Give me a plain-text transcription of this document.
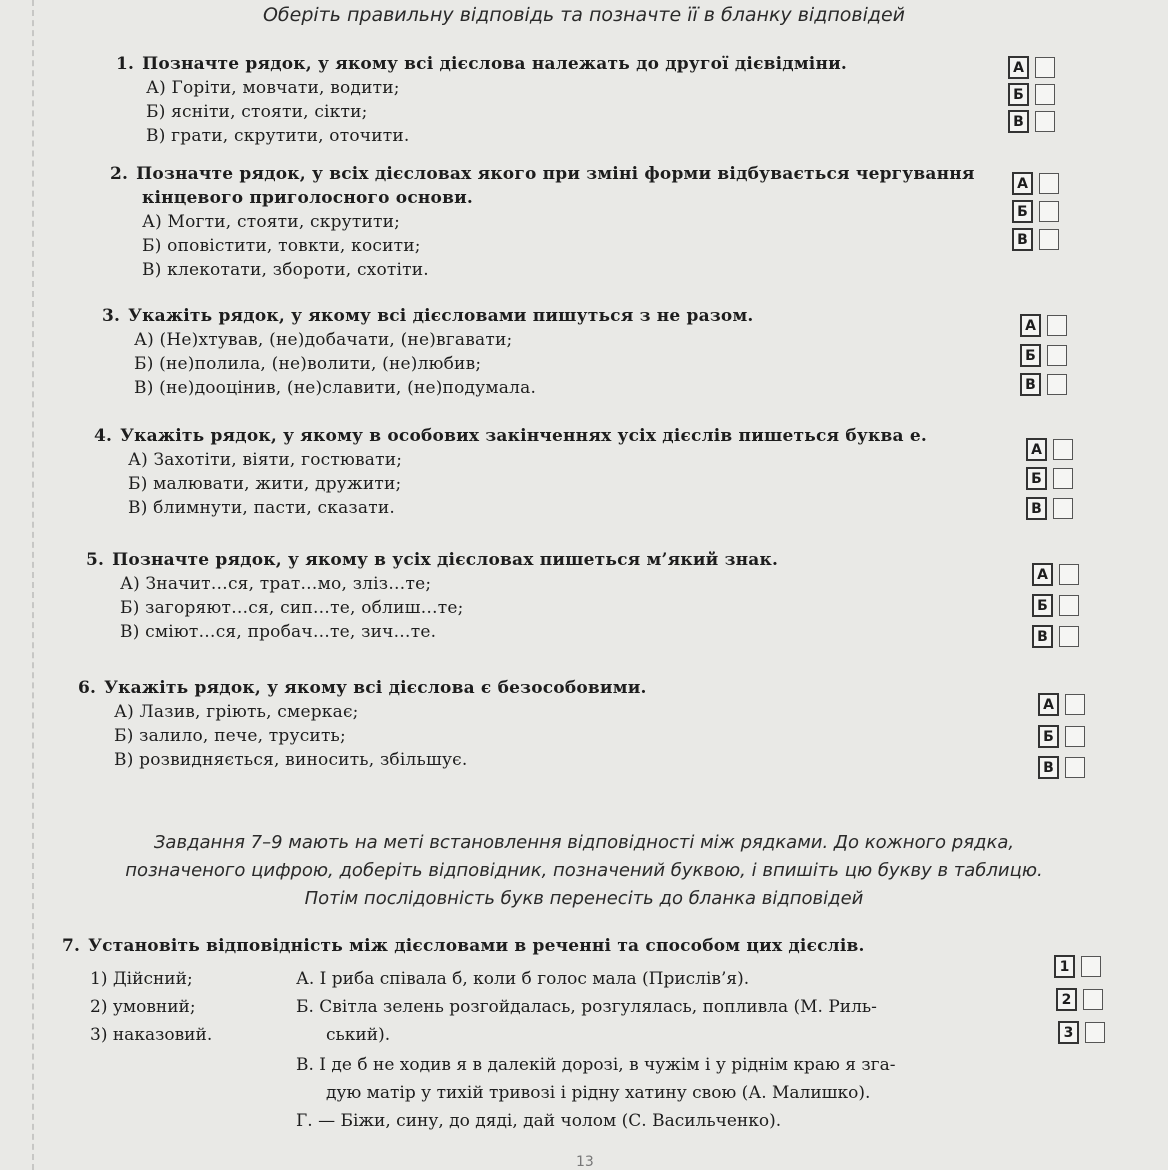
Оберіть правильну відповідь та позначте її в бланку відповідей
1. Позначте рядок, у якому всі дієслова належать до другої дієвідміни.
А) Горіти, мовчати, водити;
Б) ясніти, стояти, сікти;
В) грати, скрутити, оточити.
2. Позначте рядок, у всіх дієсловах якого при зміні форми відбувається чергування
кінцевого приголосного основи.
А) Могти, стояти, скрутити;
Б) оповістити, товкти, косити;
В) клекотати, збороти, схотіти.
3. Укажіть рядок, у якому всі дієсловами пишуться з не разом.
А) (Не)хтував, (не)добачати, (не)вгавати;
Б) (не)полила, (не)волити, (не)любив;
В) (не)дооцінив, (не)славити, (не)подумала.
4. Укажіть рядок, у якому в особових закінченнях усіх дієслів пишеться буква е.
А) Захотіти, віяти, гостювати;
Б) малювати, жити, дружити;
В) блимнути, пасти, сказати.
5. Позначте рядок, у якому в усіх дієсловах пишеться м’який знак.
А) Значит…ся, трат…мо, зліз…те;
Б) загоряют…ся, сип…те, облиш…те;
В) сміют…ся, пробач…те, зич…те.
6. Укажіть рядок, у якому всі дієслова є безособовими.
А) Лазив, гріють, смеркає;
Б) залило, пече, трусить;
В) розвидняється, виносить, збільшує.
А
Б
В
А
Б
В
А
Б
В
А
Б
В
А
Б
В
А
Б
В
Завдання 7–9 мають на меті встановлення відповідності між рядками. До кожного рядка,
позначеного цифрою, доберіть відповідник, позначений буквою, і впишіть цю букву в таблицю.
Потім послідовність букв перенесіть до бланка відповідей
7. Установіть відповідність між дієсловами в реченні та способом цих дієслів.
1) Дійсний;
2) умовний;
3) наказовий.
А. І риба співала б, коли б голос мала (Прислів’я).
Б. Світла зелень розгойдалась, розгулялась, попливла (М. Риль-
ський).
В. І де б не ходив я в далекій дорозі, в чужім і у ріднім краю я зга-
дую матір у тихій тривозі і рідну хатину свою (А. Малишко).
Г. — Біжи, сину, до дяді, дай чолом (С. Васильченко).
1
2
3
13
